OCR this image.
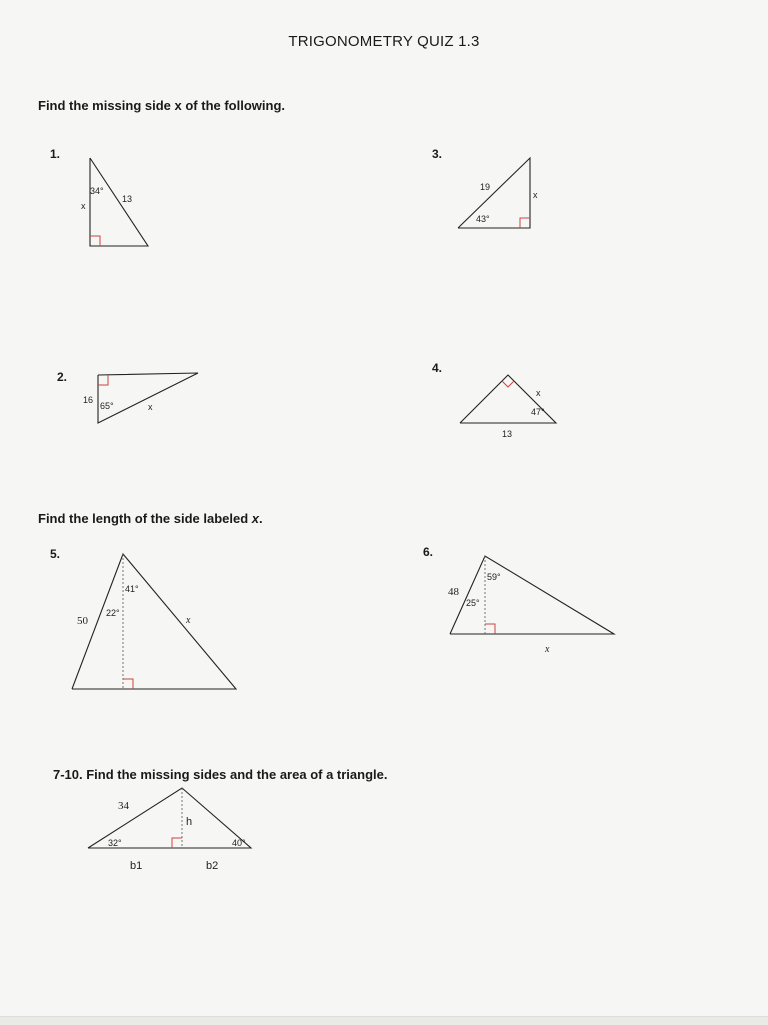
TRIGONOMETRY QUIZ 1.3
Find the missing side x of the following.
1.
34°
13
x
3.
19
43°
x
2.
16
65°	x
4.
x
47°
13
Find the length of the side labeled x.
5.
41°
22°
50	x
6.
59°
25°
48
x
7-10. Find the missing sides and the area of a triangle.
34
h
32°	40°
b1	b2
